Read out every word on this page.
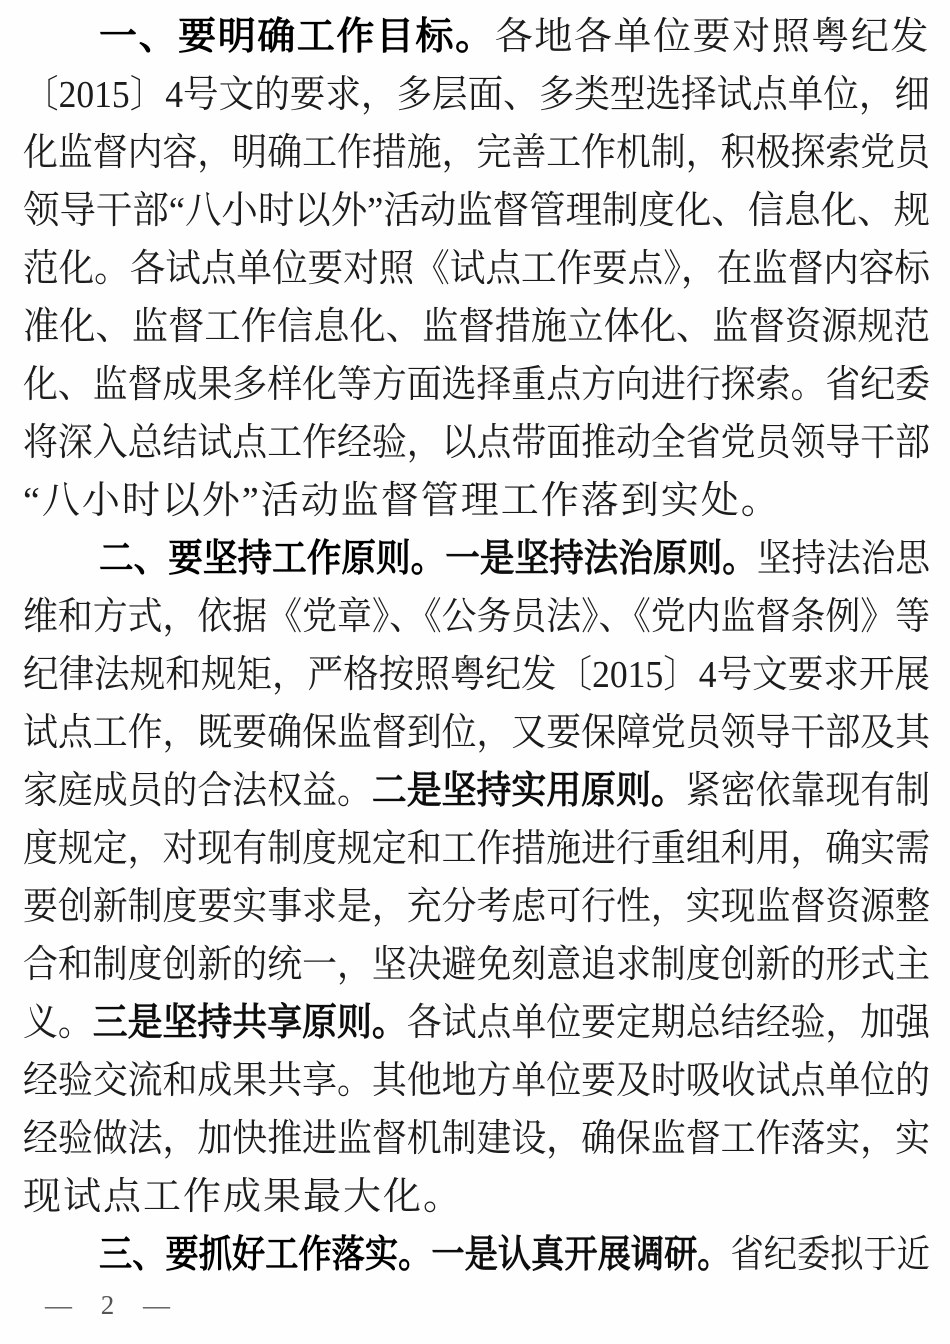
一、要明确工作目标。各地各单位要对照粤纪发
〔2015〕4号文的要求，多层面、多类型选择试点单位，细
化监督内容，明确工作措施，完善工作机制，积极探索党员
领导干部“八小时以外”活动监督管理制度化、信息化、规
范化。各试点单位要对照《试点工作要点》，在监督内容标
准化、监督工作信息化、监督措施立体化、监督资源规范
化、监督成果多样化等方面选择重点方向进行探索。省纪委
将深入总结试点工作经验，以点带面推动全省党员领导干部
“八小时以外”活动监督管理工作落到实处。
二、要坚持工作原则。一是坚持法治原则。坚持法治思
维和方式，依据《党章》、《公务员法》、《党内监督条例》等
纪律法规和规矩，严格按照粤纪发〔2015〕4号文要求开展
试点工作，既要确保监督到位，又要保障党员领导干部及其
家庭成员的合法权益。二是坚持实用原则。紧密依靠现有制
度规定，对现有制度规定和工作措施进行重组利用，确实需
要创新制度要实事求是，充分考虑可行性，实现监督资源整
合和制度创新的统一，坚决避免刻意追求制度创新的形式主
义。三是坚持共享原则。各试点单位要定期总结经验，加强
经验交流和成果共享。其他地方单位要及时吸收试点单位的
经验做法，加快推进监督机制建设，确保监督工作落实，实
现试点工作成果最大化。
三、要抓好工作落实。一是认真开展调研。省纪委拟于近
— 2 —
